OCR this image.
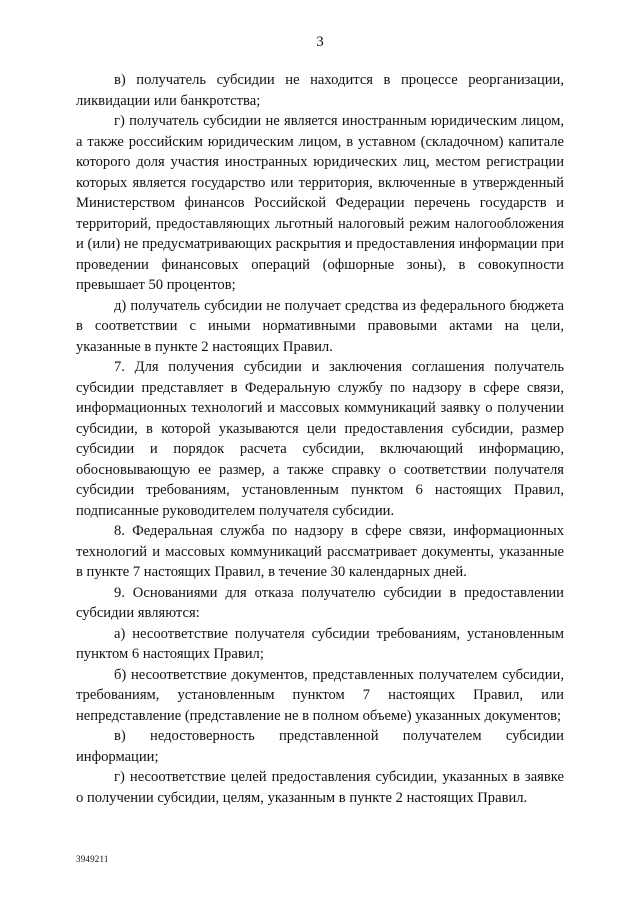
3

в) получатель субсидии не находится в процессе реорганизации, ликвидации или банкротства;

г) получатель субсидии не является иностранным юридическим лицом, а также российским юридическим лицом, в уставном (складочном) капитале которого доля участия иностранных юридических лиц, местом регистрации которых является государство или территория, включенные в утвержденный Министерством финансов Российской Федерации перечень государств и территорий, предоставляющих льготный налоговый режим налогообложения и (или) не предусматривающих раскрытия и предоставления информации при проведении финансовых операций (офшорные зоны), в совокупности превышает 50 процентов;

д) получатель субсидии не получает средства из федерального бюджета в соответствии с иными нормативными правовыми актами на цели, указанные в пункте 2 настоящих Правил.

7. Для получения субсидии и заключения соглашения получатель субсидии представляет в Федеральную службу по надзору в сфере связи, информационных технологий и массовых коммуникаций заявку о получении субсидии, в которой указываются цели предоставления субсидии, размер субсидии и порядок расчета субсидии, включающий информацию, обосновывающую ее размер, а также справку о соответствии получателя субсидии требованиям, установленным пунктом 6 настоящих Правил, подписанные руководителем получателя субсидии.

8. Федеральная служба по надзору в сфере связи, информационных технологий и массовых коммуникаций рассматривает документы, указанные в пункте 7 настоящих Правил, в течение 30 календарных дней.

9. Основаниями для отказа получателю субсидии в предоставлении субсидии являются:

а) несоответствие получателя субсидии требованиям, установленным пунктом 6 настоящих Правил;

б) несоответствие документов, представленных получателем субсидии, требованиям, установленным пунктом 7 настоящих Правил, или непредставление (представление не в полном объеме) указанных документов;

в) недостоверность представленной получателем субсидии информации;

г) несоответствие целей предоставления субсидии, указанных в заявке о получении субсидии, целям, указанным в пункте 2 настоящих Правил.

3949211
